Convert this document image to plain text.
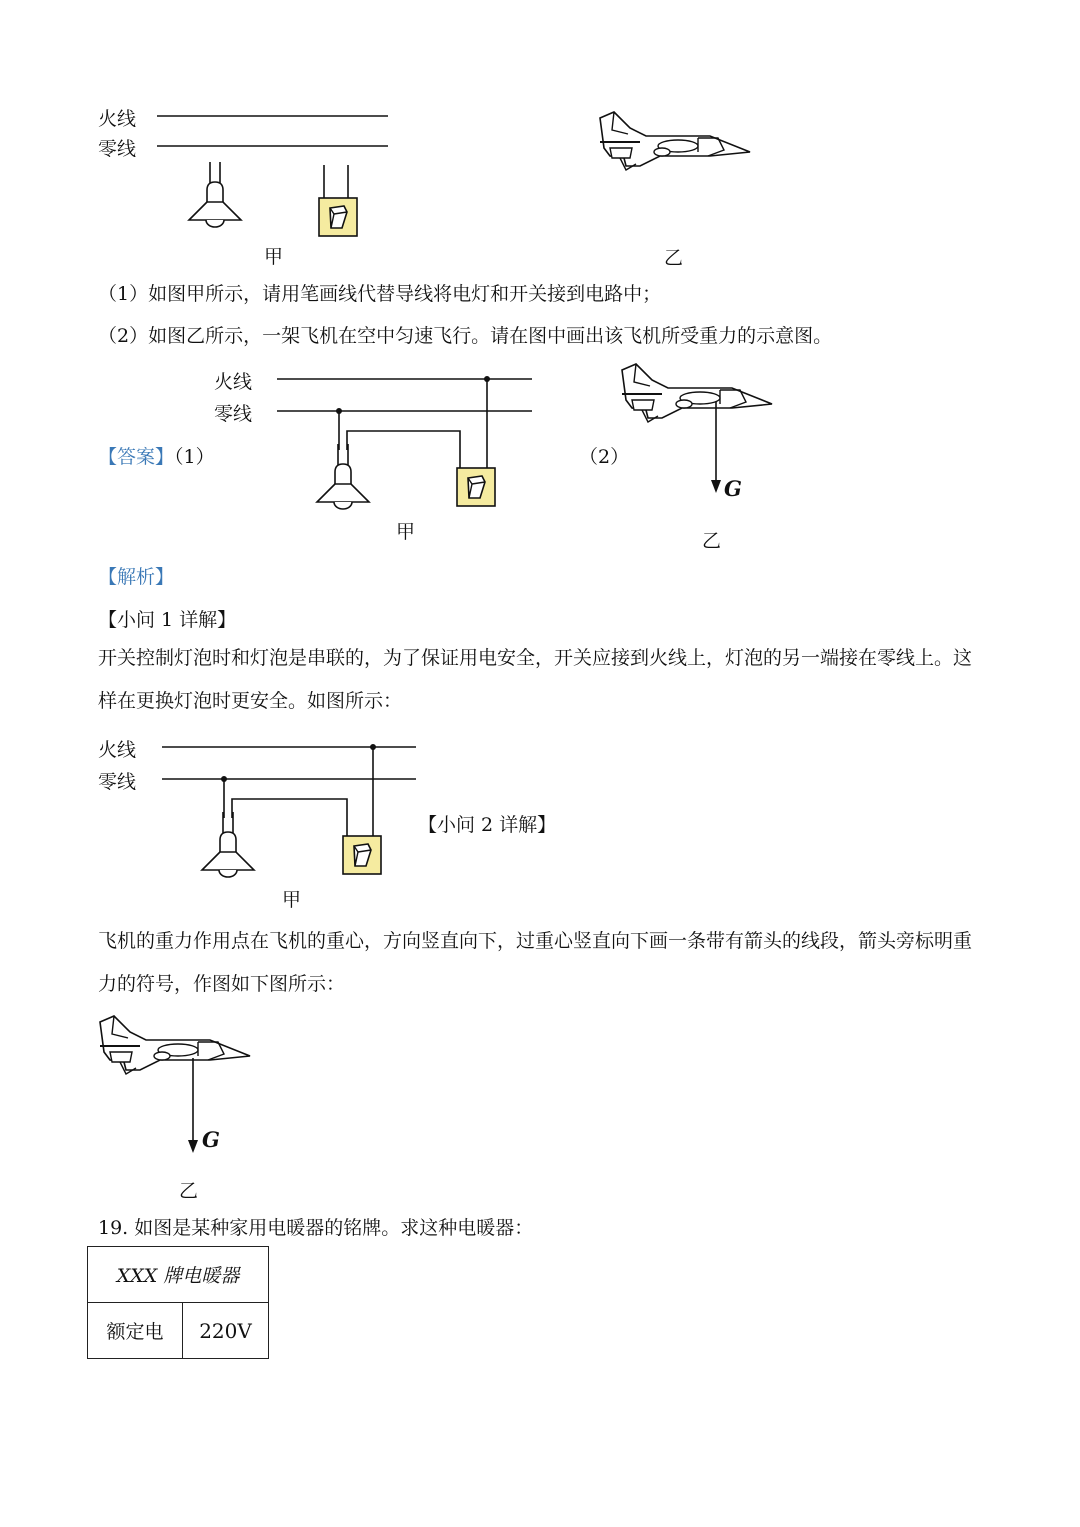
火线
零线
甲	乙
（1）如图甲所示，请用笔画线代替导线将电灯和开关接到电路中；
（2）如图乙所示，一架飞机在空中匀速飞行。请在图中画出该飞机所受重力的示意图。
火线
零线
【答案】（1）	（2）
G
甲	乙
【解析】
【小问 1 详解】
开关控制灯泡时和灯泡是串联的，为了保证用电安全，开关应接到火线上，灯泡的另一端接在零线上。这样在更换灯泡时更安全。如图所示：
火线
零线
【小问 2 详解】
甲
飞机的重力作用点在飞机的重心，方向竖直向下，过重心竖直向下画一条带有箭头的线段，箭头旁标明重力的符号，作图如下图所示：
G
乙
19. 如图是某种家用电暖器的铭牌。求这种电暖器：
XXX 牌电暖器
额定电	220V
